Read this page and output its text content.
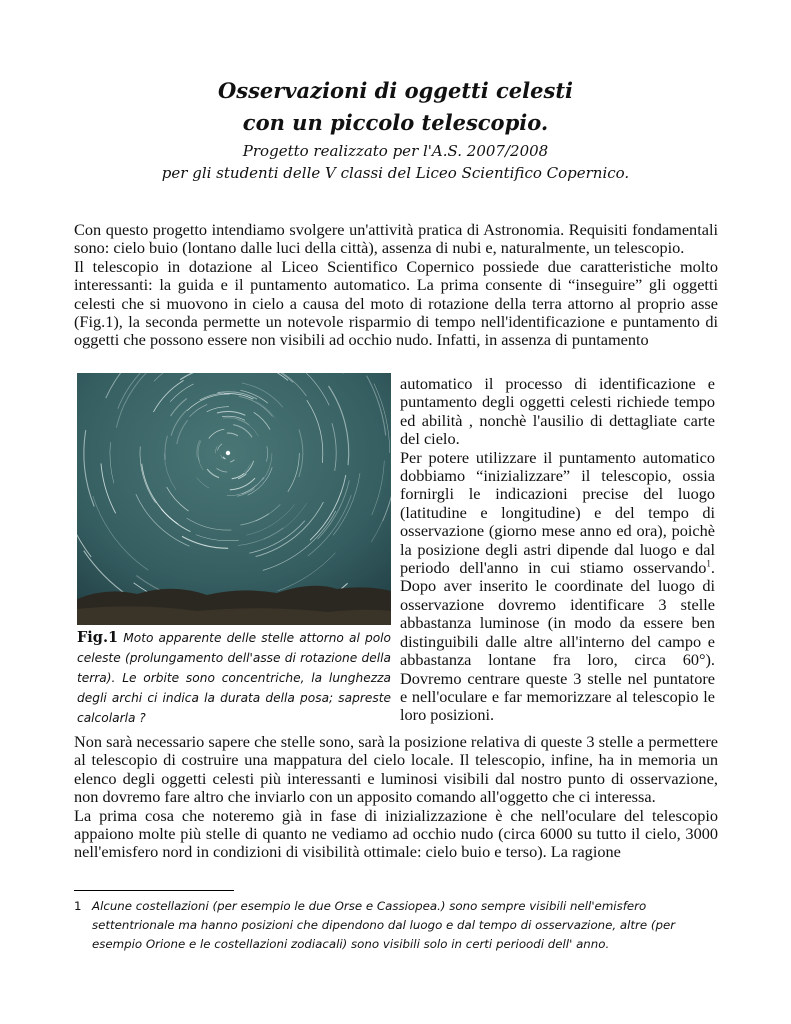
Osservazioni di oggetti celesti
con un piccolo telescopio.
Progetto realizzato per l'A.S. 2007/2008
per gli studenti delle V classi del Liceo Scientifico Copernico.

Con questo progetto intendiamo svolgere un'attività pratica di Astronomia. Requisiti fondamentali sono: cielo buio (lontano dalle luci della città), assenza di nubi e, naturalmente, un telescopio.
Il telescopio in dotazione al Liceo Scientifico Copernico possiede due caratteristiche molto interessanti: la guida e il puntamento automatico. La prima consente di “inseguire” gli oggetti celesti che si muovono in cielo a causa del moto di rotazione della terra attorno al proprio asse (Fig.1), la seconda permette un notevole risparmio di tempo nell'identificazione e puntamento di oggetti che possono essere non visibili ad occhio nudo. Infatti, in assenza di puntamento

Fig.1 Moto apparente delle stelle attorno al polo celeste (prolungamento dell'asse di rotazione della terra). Le orbite sono concentriche, la lunghezza degli archi ci indica la durata della posa; sapreste calcolarla ?

automatico il processo di identificazione e puntamento degli oggetti celesti richiede tempo ed abilità , nonchè l'ausilio di dettagliate carte del cielo.
Per potere utilizzare il puntamento automatico dobbiamo “inizializzare” il telescopio, ossia fornirgli le indicazioni precise del luogo (latitudine e longitudine) e del tempo di osservazione (giorno mese anno ed ora), poichè la posizione degli astri dipende dal luogo e dal periodo dell'anno in cui stiamo osservando$^1$. Dopo aver inserito le coordinate del luogo di osservazione dovremo identificare 3 stelle abbastanza luminose (in modo da essere ben distinguibili dalle altre all'interno del campo e abbastanza lontane fra loro, circa 60°). Dovremo centrare queste 3 stelle nel puntatore e nell'oculare e far memorizzare al telescopio le loro posizioni.

Non sarà necessario sapere che stelle sono, sarà la posizione relativa di queste 3 stelle a permettere al telescopio di costruire una mappatura del cielo locale. Il telescopio, infine, ha in memoria un elenco degli oggetti celesti più interessanti e luminosi visibili dal nostro punto di osservazione, non dovremo fare altro che inviarlo con un apposito comando all'oggetto che ci interessa.
La prima cosa che noteremo già in fase di inizializzazione è che nell'oculare del telescopio appaiono molte più stelle di quanto ne vediamo ad occhio nudo (circa 6000 su tutto il cielo, 3000 nell'emisfero nord in condizioni di visibilità ottimale: cielo buio e terso). La ragione

1 Alcune costellazioni (per esempio le due Orse e Cassiopea.) sono sempre visibili nell'emisfero settentrionale ma hanno posizioni che dipendono dal luogo e dal tempo di osservazione, altre (per esempio Orione e le costellazioni zodiacali) sono visibili solo in certi perioodi dell' anno.
